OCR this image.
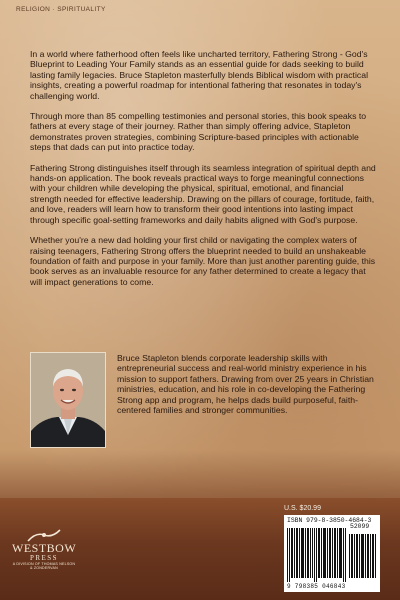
RELIGION · SPIRITUALITY

In a world where fatherhood often feels like uncharted territory, Fathering Strong - God's Blueprint to Leading Your Family stands as an essential guide for dads seeking to build lasting family legacies. Bruce Stapleton masterfully blends Biblical wisdom with practical insights, creating a powerful roadmap for intentional fathering that resonates in today's challenging world.

Through more than 85 compelling testimonies and personal stories, this book speaks to fathers at every stage of their journey. Rather than simply offering advice, Stapleton demonstrates proven strategies, combining Scripture-based principles with actionable steps that dads can put into practice today.

Fathering Strong distinguishes itself through its seamless integration of spiritual depth and hands-on application. The book reveals practical ways to forge meaningful connections with your children while developing the physical, spiritual, emotional, and financial strength needed for effective leadership. Drawing on the pillars of courage, fortitude, faith, and love, readers will learn how to transform their good intentions into lasting impact through specific goal-setting frameworks and daily habits aligned with God's purpose.

Whether you're a new dad holding your first child or navigating the complex waters of raising teenagers, Fathering Strong offers the blueprint needed to build an unshakeable foundation of faith and purpose in your family. More than just another parenting guide, this book serves as an invaluable resource for any father determined to create a legacy that will impact generations to come.

Bruce Stapleton blends corporate leadership skills with entrepreneurial success and real-world ministry experience in his mission to support fathers. Drawing from over 25 years in Christian ministries, education, and his role in co-developing the Fathering Strong app and program, he helps dads build purposeful, faith-centered families and stronger communities.

WESTBOW
PRESS
A DIVISION OF THOMAS NELSON & ZONDERVAN
U.S. $20.99
ISBN 979-8-3850-4684-3
52099
9 798385 046843
